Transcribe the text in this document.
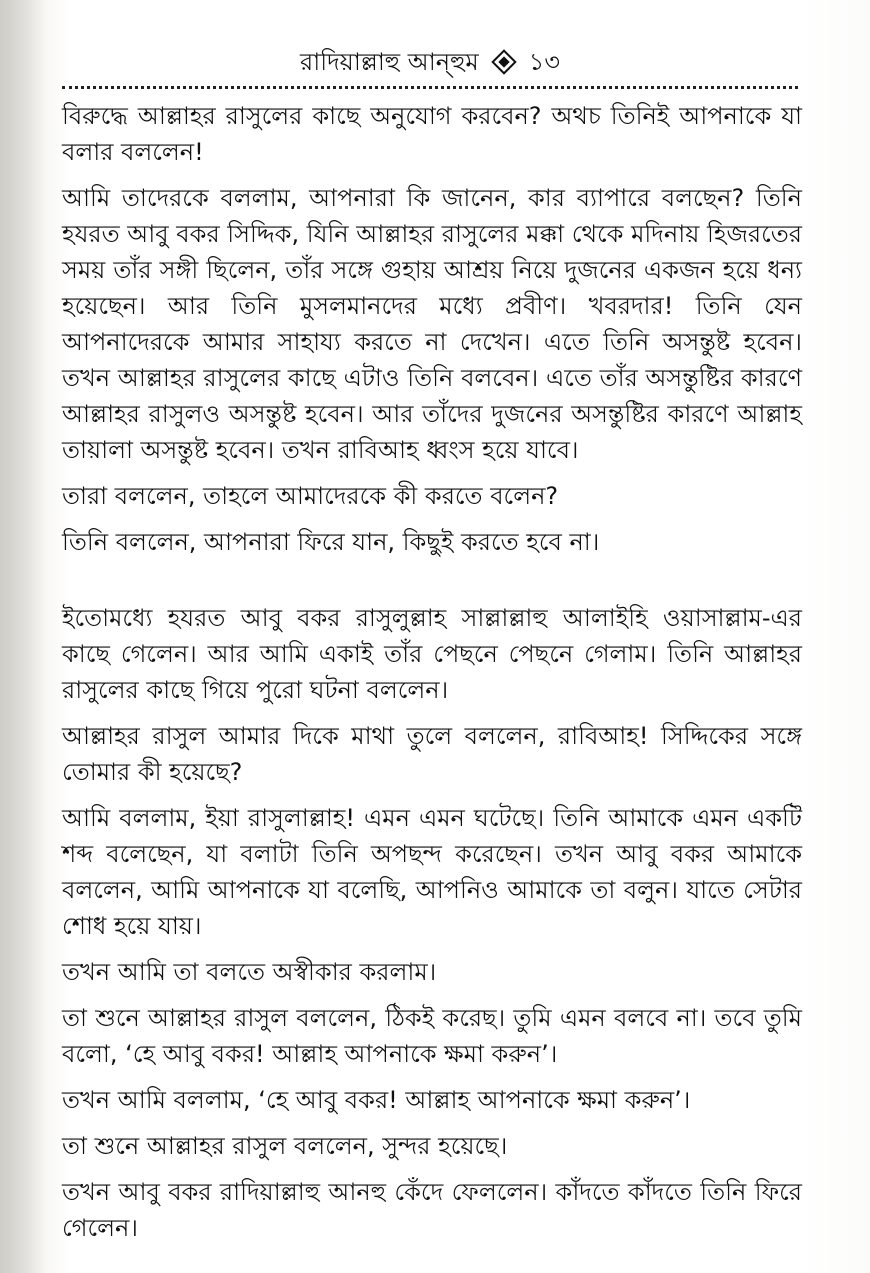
রাদিয়াল্লাহু আন্হুম ১৩

বিরুদ্ধে আল্লাহর রাসুলের কাছে অনুযোগ করবেন? অথচ তিনিই আপনাকে যা বলার বললেন!

আমি তাদেরকে বললাম, আপনারা কি জানেন, কার ব্যাপারে বলছেন? তিনি হযরত আবু বকর সিদ্দিক, যিনি আল্লাহর রাসুলের মক্কা থেকে মদিনায় হিজরতের সময় তাঁর সঙ্গী ছিলেন, তাঁর সঙ্গে গুহায় আশ্রয় নিয়ে দুজনের একজন হয়ে ধন্য হয়েছেন। আর তিনি মুসলমানদের মধ্যে প্রবীণ। খবরদার! তিনি যেন আপনাদেরকে আমার সাহায্য করতে না দেখেন। এতে তিনি অসন্তুষ্ট হবেন। তখন আল্লাহর রাসুলের কাছে এটাও তিনি বলবেন। এতে তাঁর অসন্তুষ্টির কারণে আল্লাহর রাসুলও অসন্তুষ্ট হবেন। আর তাঁদের দুজনের অসন্তুষ্টির কারণে আল্লাহ তায়ালা অসন্তুষ্ট হবেন। তখন রাবিআহ ধ্বংস হয়ে যাবে।

তারা বললেন, তাহলে আমাদেরকে কী করতে বলেন?

তিনি বললেন, আপনারা ফিরে যান, কিছুই করতে হবে না।

ইতোমধ্যে হযরত আবু বকর রাসুলুল্লাহ সাল্লাল্লাহু আলাইহি ওয়াসাল্লাম-এর কাছে গেলেন। আর আমি একাই তাঁর পেছনে পেছনে গেলাম। তিনি আল্লাহর রাসুলের কাছে গিয়ে পুরো ঘটনা বললেন।

আল্লাহর রাসুল আমার দিকে মাথা তুলে বললেন, রাবিআহ! সিদ্দিকের সঙ্গে তোমার কী হয়েছে?

আমি বললাম, ইয়া রাসুলাল্লাহ! এমন এমন ঘটেছে। তিনি আমাকে এমন একটি শব্দ বলেছেন, যা বলাটা তিনি অপছন্দ করেছেন। তখন আবু বকর আমাকে বললেন, আমি আপনাকে যা বলেছি, আপনিও আমাকে তা বলুন। যাতে সেটার শোধ হয়ে যায়।

তখন আমি তা বলতে অস্বীকার করলাম।

তা শুনে আল্লাহর রাসুল বললেন, ঠিকই করেছ। তুমি এমন বলবে না। তবে তুমি বলো, ‘হে আবু বকর! আল্লাহ আপনাকে ক্ষমা করুন’।

তখন আমি বললাম, ‘হে আবু বকর! আল্লাহ আপনাকে ক্ষমা করুন’।

তা শুনে আল্লাহর রাসুল বললেন, সুন্দর হয়েছে।

তখন আবু বকর রাদিয়াল্লাহু আনহু কেঁদে ফেললেন। কাঁদতে কাঁদতে তিনি ফিরে গেলেন।
